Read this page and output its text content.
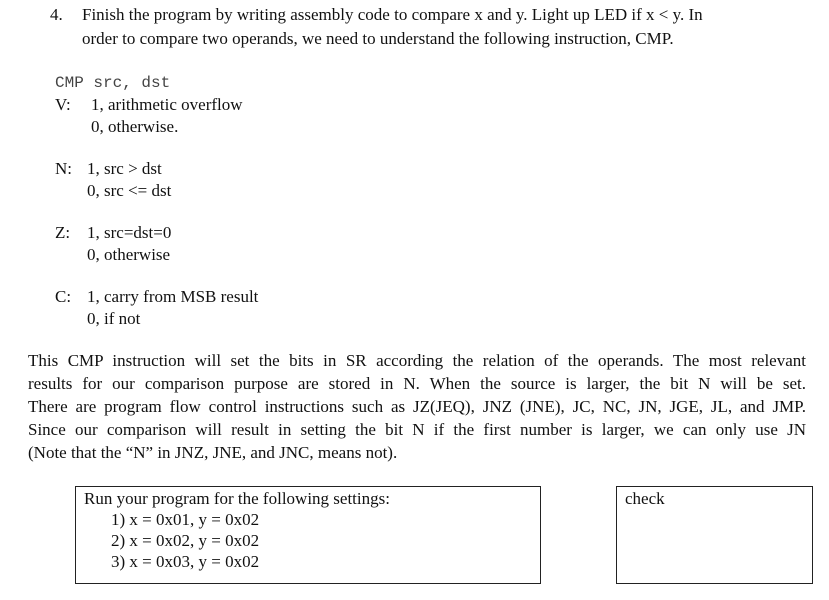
4. Finish the program by writing assembly code to compare x and y. Light up LED if x < y. In
order to compare two operands, we need to understand the following instruction, CMP.
CMP src, dst
V: 1, arithmetic overflow
0, otherwise.
N: 1, src > dst
0, src <= dst
Z: 1, src=dst=0
0, otherwise
C: 1, carry from MSB result
0, if not
This CMP instruction will set the bits in SR according the relation of the operands. The most relevant
results for our comparison purpose are stored in N. When the source is larger, the bit N will be set.
There are program flow control instructions such as JZ(JEQ), JNZ (JNE), JC, NC, JN, JGE, JL, and JMP.
Since our comparison will result in setting the bit N if the first number is larger, we can only use JN
(Note that the “N” in JNZ, JNE, and JNC, means not).
Run your program for the following settings:
1) x = 0x01, y = 0x02
2) x = 0x02, y = 0x02
3) x = 0x03, y = 0x02
check
